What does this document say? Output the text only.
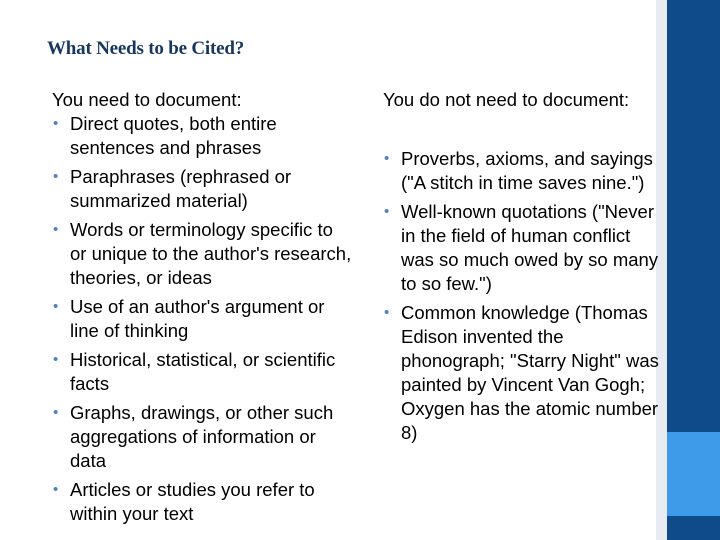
What Needs to be Cited?

You need to document:

• Direct quotes, both entire sentences and phrases
• Paraphrases (rephrased or summarized material)
• Words or terminology specific to or unique to the author's research, theories, or ideas
• Use of an author's argument or line of thinking
• Historical, statistical, or scientific facts
• Graphs, drawings, or other such aggregations of information or data
• Articles or studies you refer to within your text

You do not need to document:

• Proverbs, axioms, and sayings ("A stitch in time saves nine.")
• Well-known quotations ("Never in the field of human conflict was so much owed by so many to so few.")
• Common knowledge (Thomas Edison invented the phonograph; "Starry Night" was painted by Vincent Van Gogh; Oxygen has the atomic number 8)
